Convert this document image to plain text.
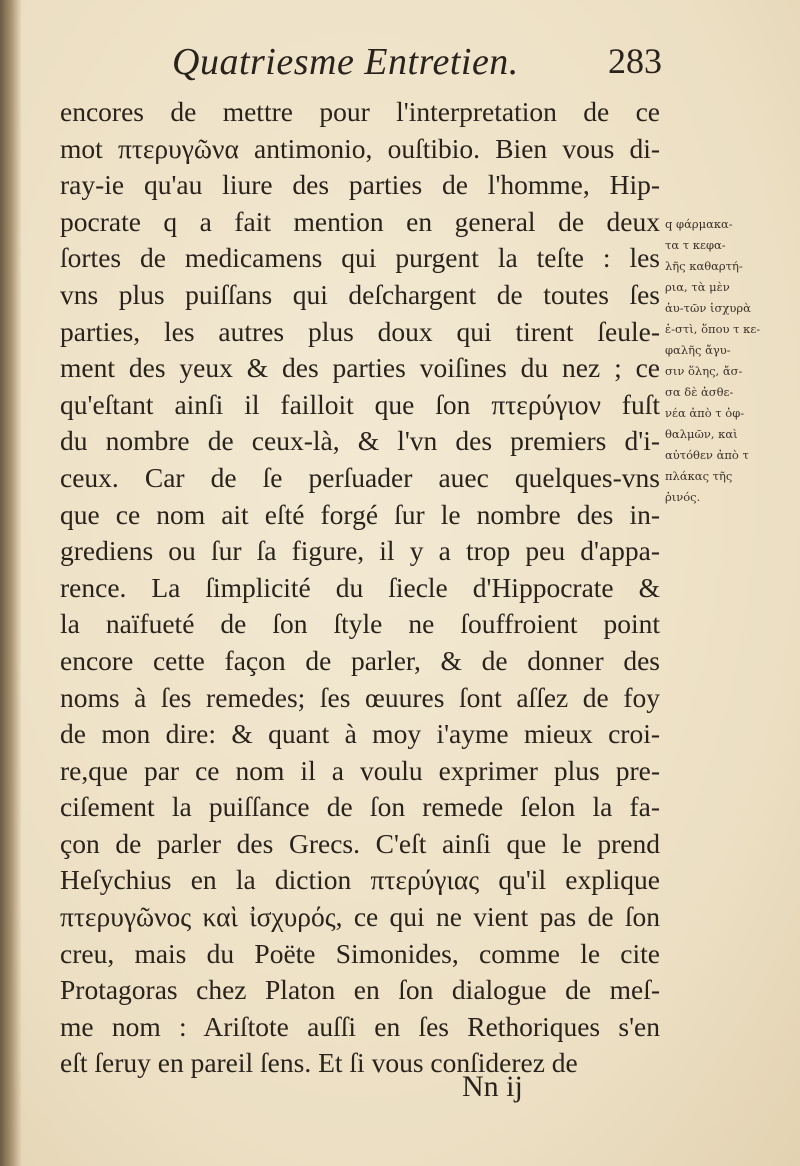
Quatriesme Entretien. 283
encores de mettre pour l'interpretation de ce
mot πτερυγῶνα antimonio, ouſtibio. Bien vous di-
ray-ie qu'au liure des parties de l'homme, Hip-
pocrate q a fait mention en general de deux
ſortes de medicamens qui purgent la teſte : les
vns plus puiſſans qui deſchargent de toutes ſes
parties, les autres plus doux qui tirent ſeule-
ment des yeux & des parties voiſines du nez ; ce
qu'eſtant ainſi il failloit que ſon πτερύγιον fuſt
du nombre de ceux-là, & l'vn des premiers d'i-
ceux. Car de ſe perſuader auec quelques-vns
que ce nom ait eſté forgé ſur le nombre des in-
grediens ou ſur ſa figure, il y a trop peu d'appa-
rence. La ſimplicité du ſiecle d'Hippocrate &
la naïfueté de ſon ſtyle ne ſouffroient point
encore cette façon de parler, & de donner des
noms à ſes remedes; ſes œuures ſont aſſez de foy
de mon dire: & quant à moy i'ayme mieux croi-
re,que par ce nom il a voulu exprimer plus pre-
ciſement la puiſſance de ſon remede ſelon la fa-
çon de parler des Grecs. C'eſt ainſi que le prend
Heſychius en la diction πτερύγιας qu'il explique
πτερυγῶνος καὶ ἰσχυρός, ce qui ne vient pas de ſon
creu, mais du Poëte Simonides, comme le cite
Protagoras chez Platon en ſon dialogue de meſ-
me nom : Ariſtote auſſi en ſes Rethoriques s'en
eſt ſeruy en pareil ſens. Et ſi vous conſiderez de
q φάρμακα-
τα τ κεφα-
λῆς καθαρτή-
ρια, τὰ μὲν
ἀυ-τῶν ἰσχυρὰ
ἐ-στὶ, ὅπου τ κε-
φαλῆς ἄγυ-
σιν ὅλης, ἄσ-
σα δὲ ἀσθε-
νέα ἀπὸ τ ὀφ-
θαλμῶν, καὶ
αὐτόθεν ἀπὸ τ
πλάκας τῆς
ῥινός.
Nn ij
